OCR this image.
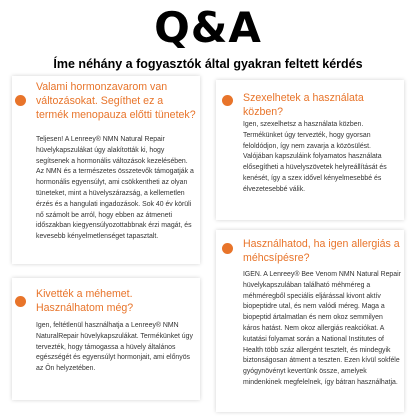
Q&A
Íme néhány a fogyasztók által gyakran feltett kérdés
Valami hormonzavarom van változásokat. Segíthet ez a termék menopauza előtti tünetek?
Teljesen! A Lenreey® NMN Natural Repair hüvelykapszulákat úgy alakították ki, hogy segítsenek a hormonális változások kezelésében. Az NMN és a természetes összetevők támogatják a hormonális egyensúlyt, ami csökkentheti az olyan tüneteket, mint a hüvelyszárazság, a kellemetlen érzés és a hangulati ingadozások. Sok 40 év körüli nő számolt be arról, hogy ebben az átmeneti időszakban kiegyensúlyozottabbnak érzi magát, és kevesebb kényelmetlenséget tapasztalt.
Szexelhetek a használata közben?
Igen, szexelhetsz a használata közben. Termékünket úgy tervezték, hogy gyorsan feloldódjon, így nem zavarja a közösülést. Valójában kapszuláink folyamatos használata elősegítheti a hüvelyszövetek helyreállítását és kenését, így a szex idővel kényelmesebbé és élvezetesebbé válik.
Kivették a méhemet. Használhatom még?
Igen, feltétlenül használhatja a Lenreey® NMN NaturalRepair hüvelykapszulákat. Termékünket úgy tervezték, hogy támogassa a hüvely általános egészségét és egyensúlyt hormonjait, ami előnyös az Ön helyzetében.
Használhatod, ha igen allergiás a méhcsípésre?
IGEN. A Lenreey® Bee Venom NMN Natural Repair hüvelykapszulában található méhméreg a méhméregből speciális eljárással kivont aktív biopeptidre utal, és nem valódi méreg. Maga a biopeptid ártalmatlan és nem okoz semmilyen káros hatást. Nem okoz allergiás reakciókat. A kutatási folyamat során a National Institutes of Health több száz allergént tesztelt, és mindegyik biztonságosan átment a teszten. Ezen kívül sokféle gyógynövényt kevertünk össze, amelyek mindenkinek megfelelnek, így bátran használhatja.
